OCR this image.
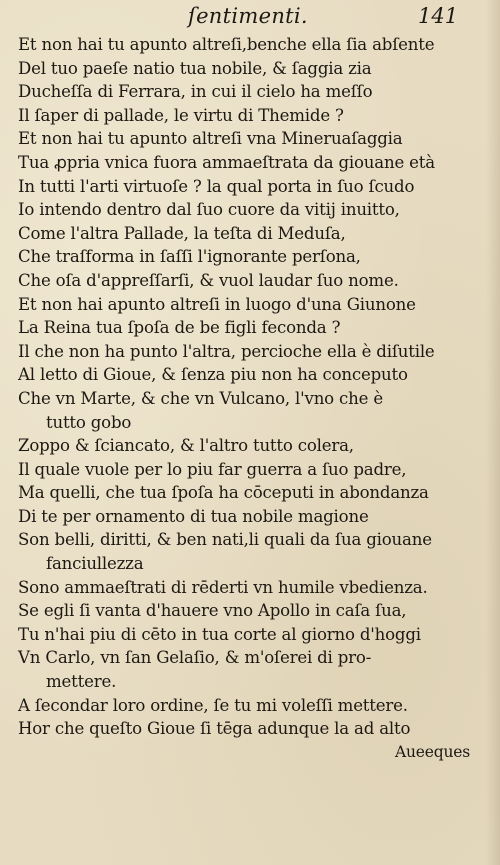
ſentimenti.	141
Et non hai tu apunto altreſi,benche ella ſia abſente
Del tuo paeſe natio tua nobile, & ſaggia zia
Ducheſſa di Ferrara, in cui il cielo ha meſſo
Il ſaper di pallade, le virtu di Themide ?
Et non hai tu apunto altreſi vna Mineruaſaggia
Tua ꝓpria vnica fuora ammaeſtrata da giouane età
In tutti l'arti virtuoſe ? la qual porta in ſuo ſcudo
Io intendo dentro dal ſuo cuore da vitij inuitto,
Come l'altra Pallade, la teſta di Meduſa,
Che traſforma in ſaſſi l'ignorante perſona,
Che oſa d'appreſſarſi, & vuol laudar ſuo nome.
Et non hai apunto altreſi in luogo d'una Giunone
La Reina tua ſpoſa de be figli feconda ?
Il che non ha punto l'altra, percioche ella è diſutile
Al letto di Gioue, & ſenza piu non ha conceputo
Che vn Marte, & che vn Vulcano, l'vno che è
tutto gobo
Zoppo & ſciancato, & l'altro tutto colera,
Il quale vuole per lo piu far guerra a ſuo padre,
Ma quelli, che tua ſpoſa ha cōceputi in abondanza
Di te per ornamento di tua nobile magione
Son belli, diritti, & ben nati,li quali da ſua giouane
fanciullezza
Sono ammaeſtrati di rēderti vn humile vbedienza.
Se egli ſi vanta d'hauere vno Apollo in caſa ſua,
Tu n'hai piu di cēto in tua corte al giorno d'hoggi
Vn Carlo, vn ſan Gelaſio, & m'oſerei di pro-
mettere.
A ſecondar loro ordine, ſe tu mi voleſſi mettere.
Hor che queſto Gioue ſi tēga adunque la ad alto
Aueeques
